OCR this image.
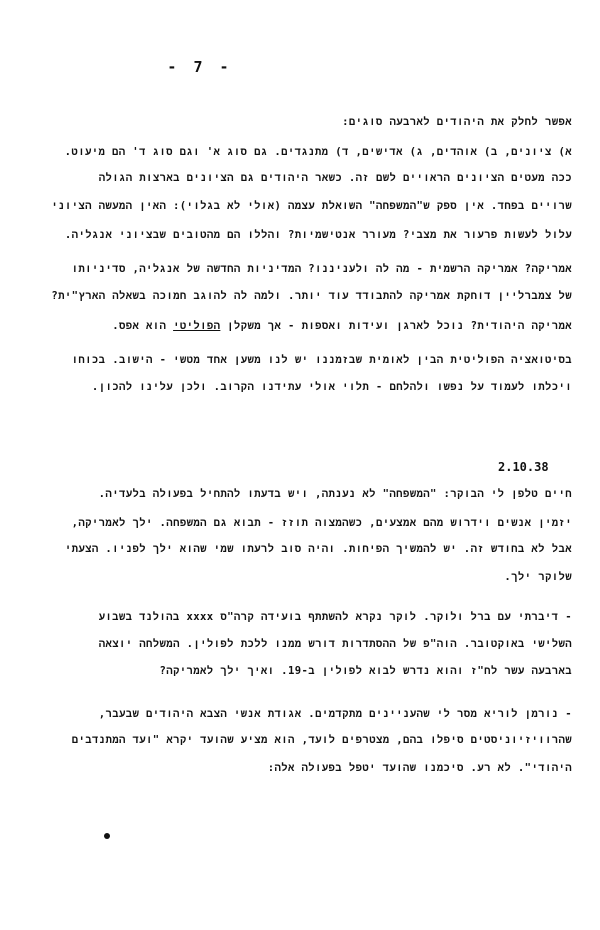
- 7 -
אפשר לחלק את היהודים לארבעה סוגים:
א) ציונים, ב) אוהדים, ג) אדישים, ד) מתנגדים. גם סוג א' וגם סוג ד' הם מיעוט.
ככה מעטים הציונים הראויים לשם זה. כשאר היהודים גם הציונים בארצות הגולה
שרויים בפחד. אין ספק ש"המשפחה" השואלת עצמה (אולי לא בגלוי): האין המעשה הציוני
עלול לעשות פרעור את מצבי? מעורר אנטישמיות? והללו הם מהטובים שבציוני אנגליה.
אמריקה? אמריקה הרשמית - מה לה ולעניננו? המדיניות החדשה של אנגליה, סדיניותו
של צמברליין דוחקת אמריקה להתבודד עוד יותר. ולמה לה להוגב חמוכה בשאלה הארץ"ית?
אמריקה היהודית? נוכל לארגן ועידות ואספות - אך משקלן הפוליטי הוא אפס.
בסיטואציה הפוליטית הבין לאומית שבזמננו יש לנו משען אחד מטשי - הישוב. בכוחו
ויכלתו לעמוד על נפשו ולהלחם - תלוי אולי עתידנו הקרוב. ולכן עלינו להכון.
2.10.38
חיים טלפן לי הבוקר: "המשפחה" לא נענתה, ויש בדעתו להתחיל בפעולה בלעדיה.
יזמין אנשים וידרוש מהם אמצעים, כשהמצוה תוזז - תבוא גם המשפחה. ילך לאמריקה,
אבל לא בחודש זה. יש להמשיך הפיחות. והיה סוב לרעתו שמי שהוא ילך לפניו. הצעתי
שלוקר ילך.
- דיברתי עם ברל ולוקר. לוקר נקרא להשתתף בועידה קרה"ס xxxx בהולנד בשבוע
השלישי באוקטובר. הוה"פ של ההסתדרות דורש ממנו ללכת לפולין. המשלחה יוצאה
בארבעה עשר לח"ז והוא נדרש לבוא לפולין ב-19. ואיך ילך לאמריקה?
- נורמן לוריא מסר לי שהעניינים מתקדמים. אגודת אנשי הצבא היהודים שבעבר,
שהרוויזיוניסטים סיפלו בהם, מצטרפים לועד, הוא מציע שהועד יקרא "ועד המתנדבים
היהודי". לא רע. סיכמנו שהועד יטפל בפעולה אלה:
